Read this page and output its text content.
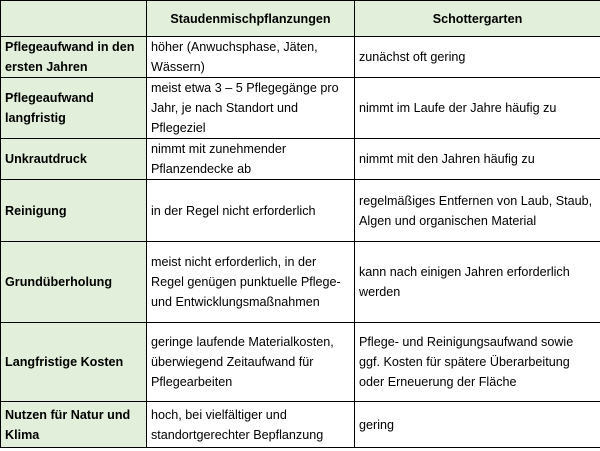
	Staudenmischpflanzungen	Schottergarten
Pflegeaufwand in den ersten Jahren	höher (Anwuchsphase, Jäten, Wässern)	zunächst oft gering
Pflegeaufwand langfristig	meist etwa 3 – 5 Pflegegänge pro Jahr, je nach Standort und Pflegeziel	nimmt im Laufe der Jahre häufig zu
Unkrautdruck	nimmt mit zunehmender Pflanzendecke ab	nimmt mit den Jahren häufig zu
Reinigung	in der Regel nicht erforderlich	regelmäßiges Entfernen von Laub, Staub, Algen und organischen Material
Grundüberholung	meist nicht erforderlich, in der Regel genügen punktuelle Pflege- und Entwicklungsmaßnahmen	kann nach einigen Jahren erforderlich werden
Langfristige Kosten	geringe laufende Materialkosten, überwiegend Zeitaufwand für Pflegearbeiten	Pflege- und Reinigungsaufwand sowie ggf. Kosten für spätere Überarbeitung oder Erneuerung der Fläche
Nutzen für Natur und Klima	hoch, bei vielfältiger und standortgerechter Bepflanzung	gering
